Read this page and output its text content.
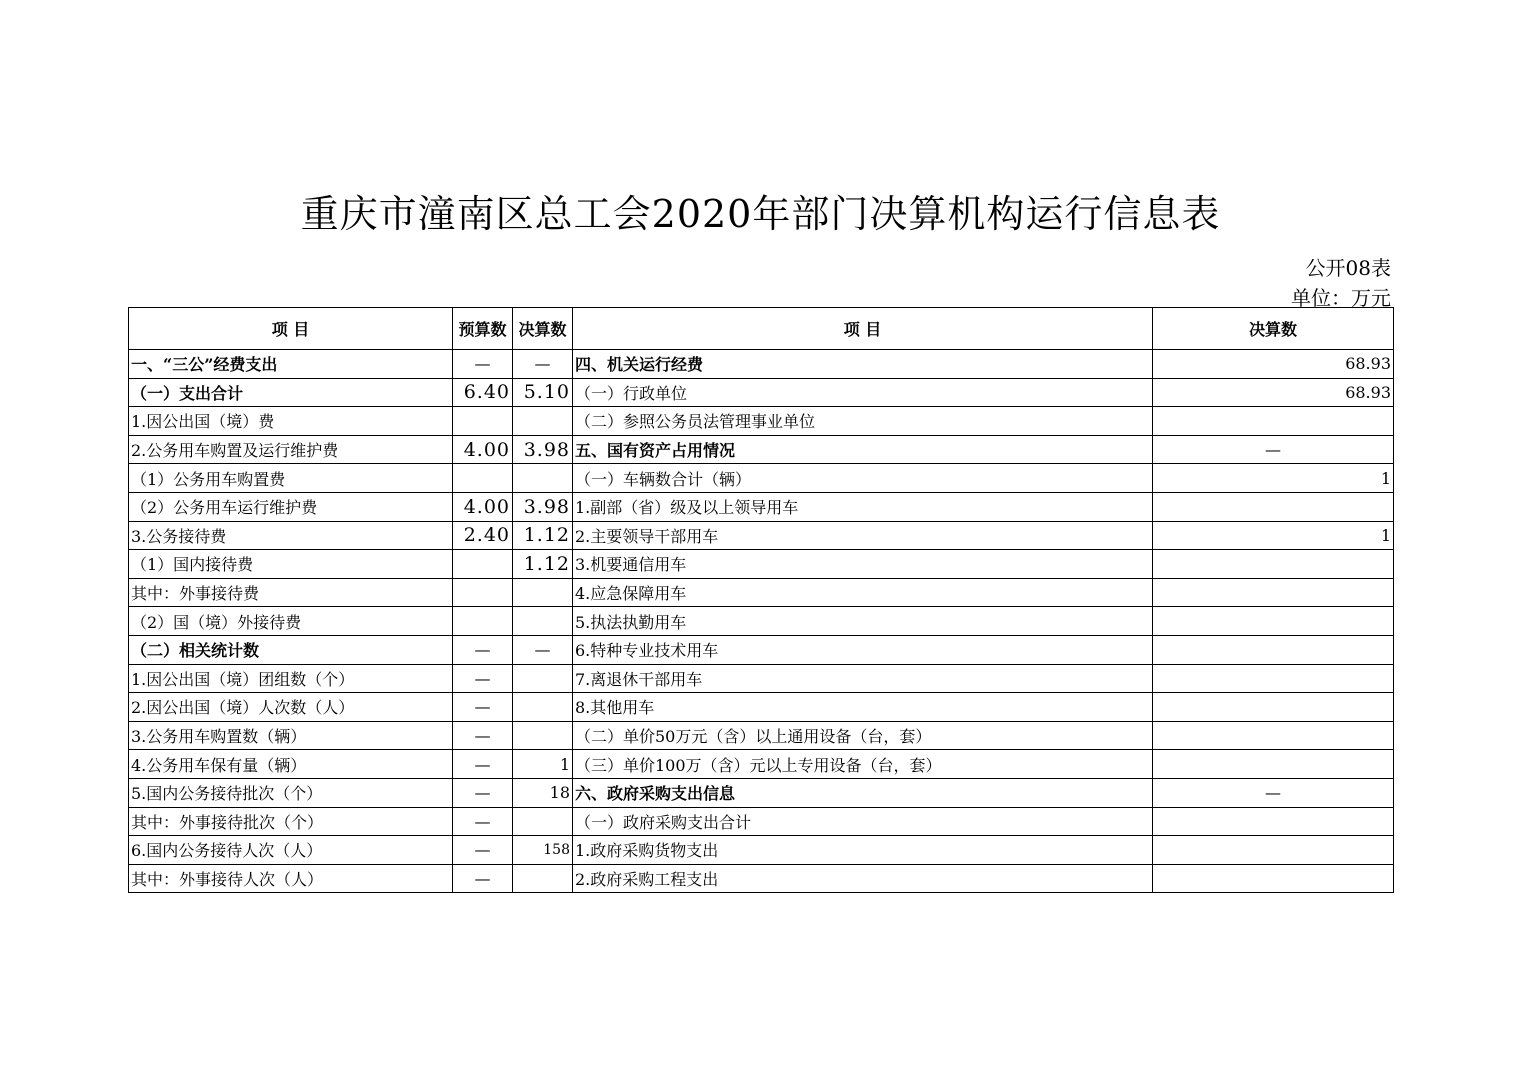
重庆市潼南区总工会2020年部门决算机构运行信息表
公开08表
单位：万元
项 目	预算数	决算数	项 目	决算数
一、“三公”经费支出	—	—	四、机关运行经费	68.93
（一）支出合计	6.40	5.10	（一）行政单位	68.93
1.因公出国（境）费			（二）参照公务员法管理事业单位	
2.公务用车购置及运行维护费	4.00	3.98	五、国有资产占用情况	—
（1）公务用车购置费			（一）车辆数合计（辆）	1
（2）公务用车运行维护费	4.00	3.98	1.副部（省）级及以上领导用车	
3.公务接待费	2.40	1.12	2.主要领导干部用车	1
（1）国内接待费		1.12	3.机要通信用车	
其中：外事接待费			4.应急保障用车	
（2）国（境）外接待费			5.执法执勤用车	
（二）相关统计数	—	—	6.特种专业技术用车	
1.因公出国（境）团组数（个）	—		7.离退休干部用车	
2.因公出国（境）人次数（人）	—		8.其他用车	
3.公务用车购置数（辆）	—		（二）单价50万元（含）以上通用设备（台，套）	
4.公务用车保有量（辆）	—	1	（三）单价100万（含）元以上专用设备（台，套）	
5.国内公务接待批次（个）	—	18	六、政府采购支出信息	—
其中：外事接待批次（个）	—		（一）政府采购支出合计	
6.国内公务接待人次（人）	—	158	1.政府采购货物支出	
其中：外事接待人次（人）	—		2.政府采购工程支出	
